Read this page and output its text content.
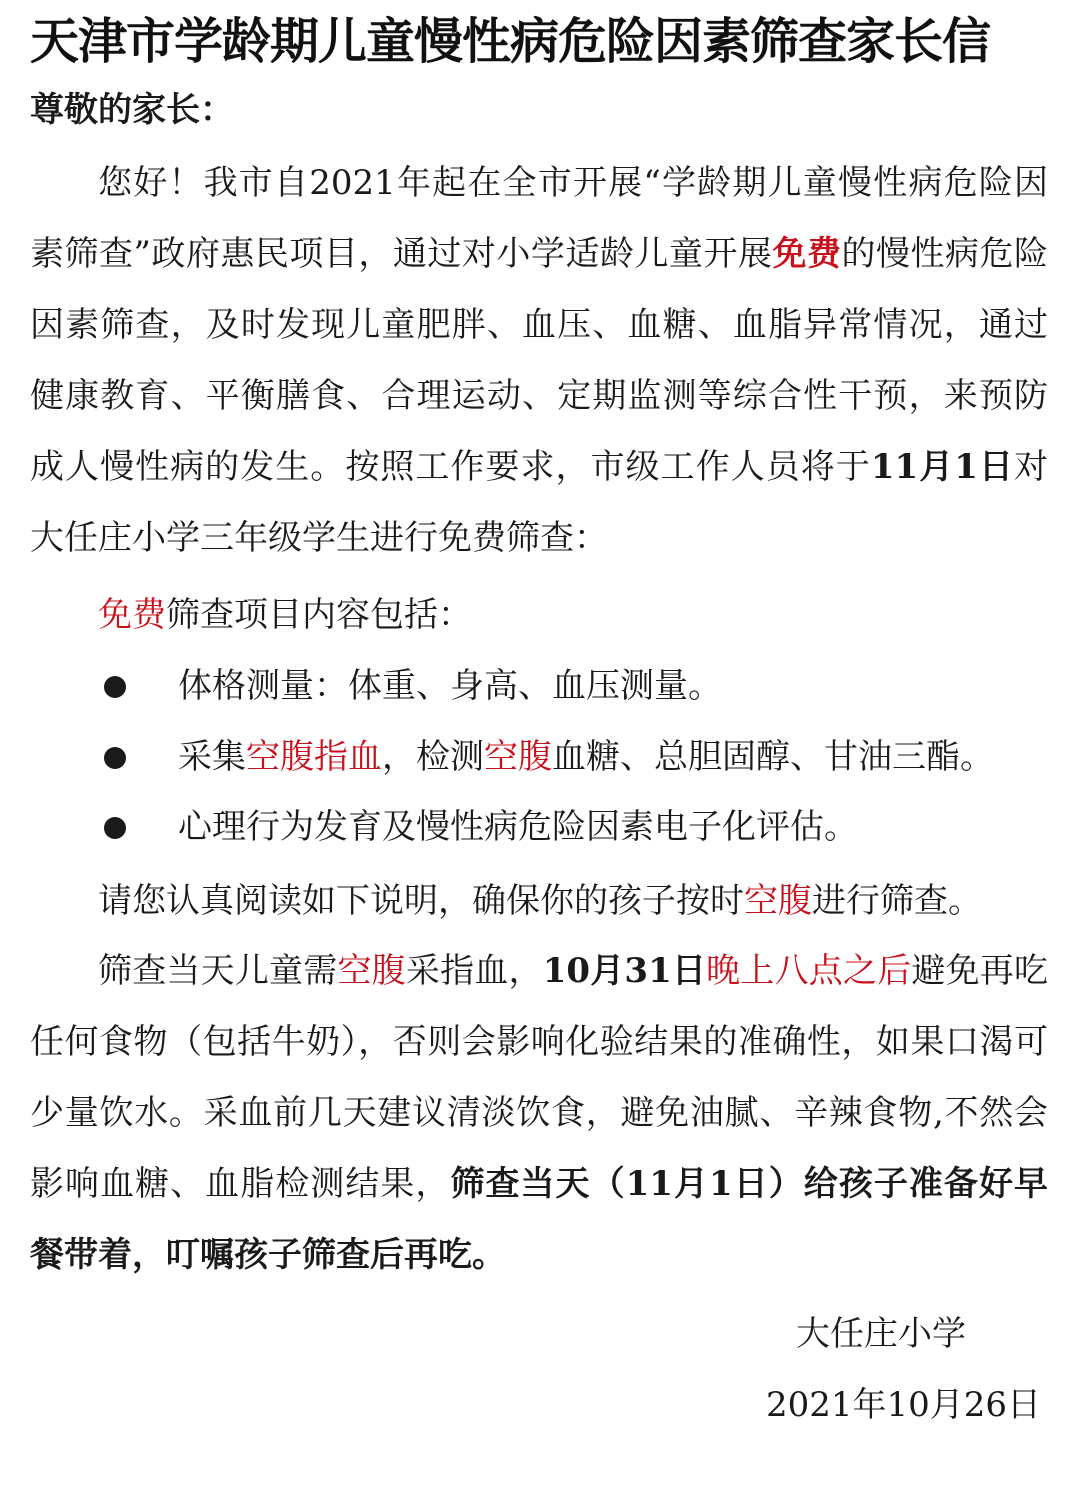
天津市学龄期儿童慢性病危险因素筛查家长信

尊敬的家长：

您好！我市自2021年起在全市开展“学龄期儿童慢性病危险因素筛查”政府惠民项目，通过对小学适龄儿童开展免费的慢性病危险因素筛查，及时发现儿童肥胖、血压、血糖、血脂异常情况，通过健康教育、平衡膳食、合理运动、定期监测等综合性干预，来预防成人慢性病的发生。按照工作要求，市级工作人员将于11月1日对大任庄小学三年级学生进行免费筛查：

免费筛查项目内容包括：

体格测量：体重、身高、血压测量。
采集空腹指血，检测空腹血糖、总胆固醇、甘油三酯。
心理行为发育及慢性病危险因素电子化评估。

请您认真阅读如下说明，确保你的孩子按时空腹进行筛查。

筛查当天儿童需空腹采指血，10月31日晚上八点之后避免再吃任何食物（包括牛奶），否则会影响化验结果的准确性，如果口渴可少量饮水。采血前几天建议清淡饮食，避免油腻、辛辣食物,不然会影响血糖、血脂检测结果，筛查当天（11月1日）给孩子准备好早餐带着，叮嘱孩子筛查后再吃。

大任庄小学
2021年10月26日
